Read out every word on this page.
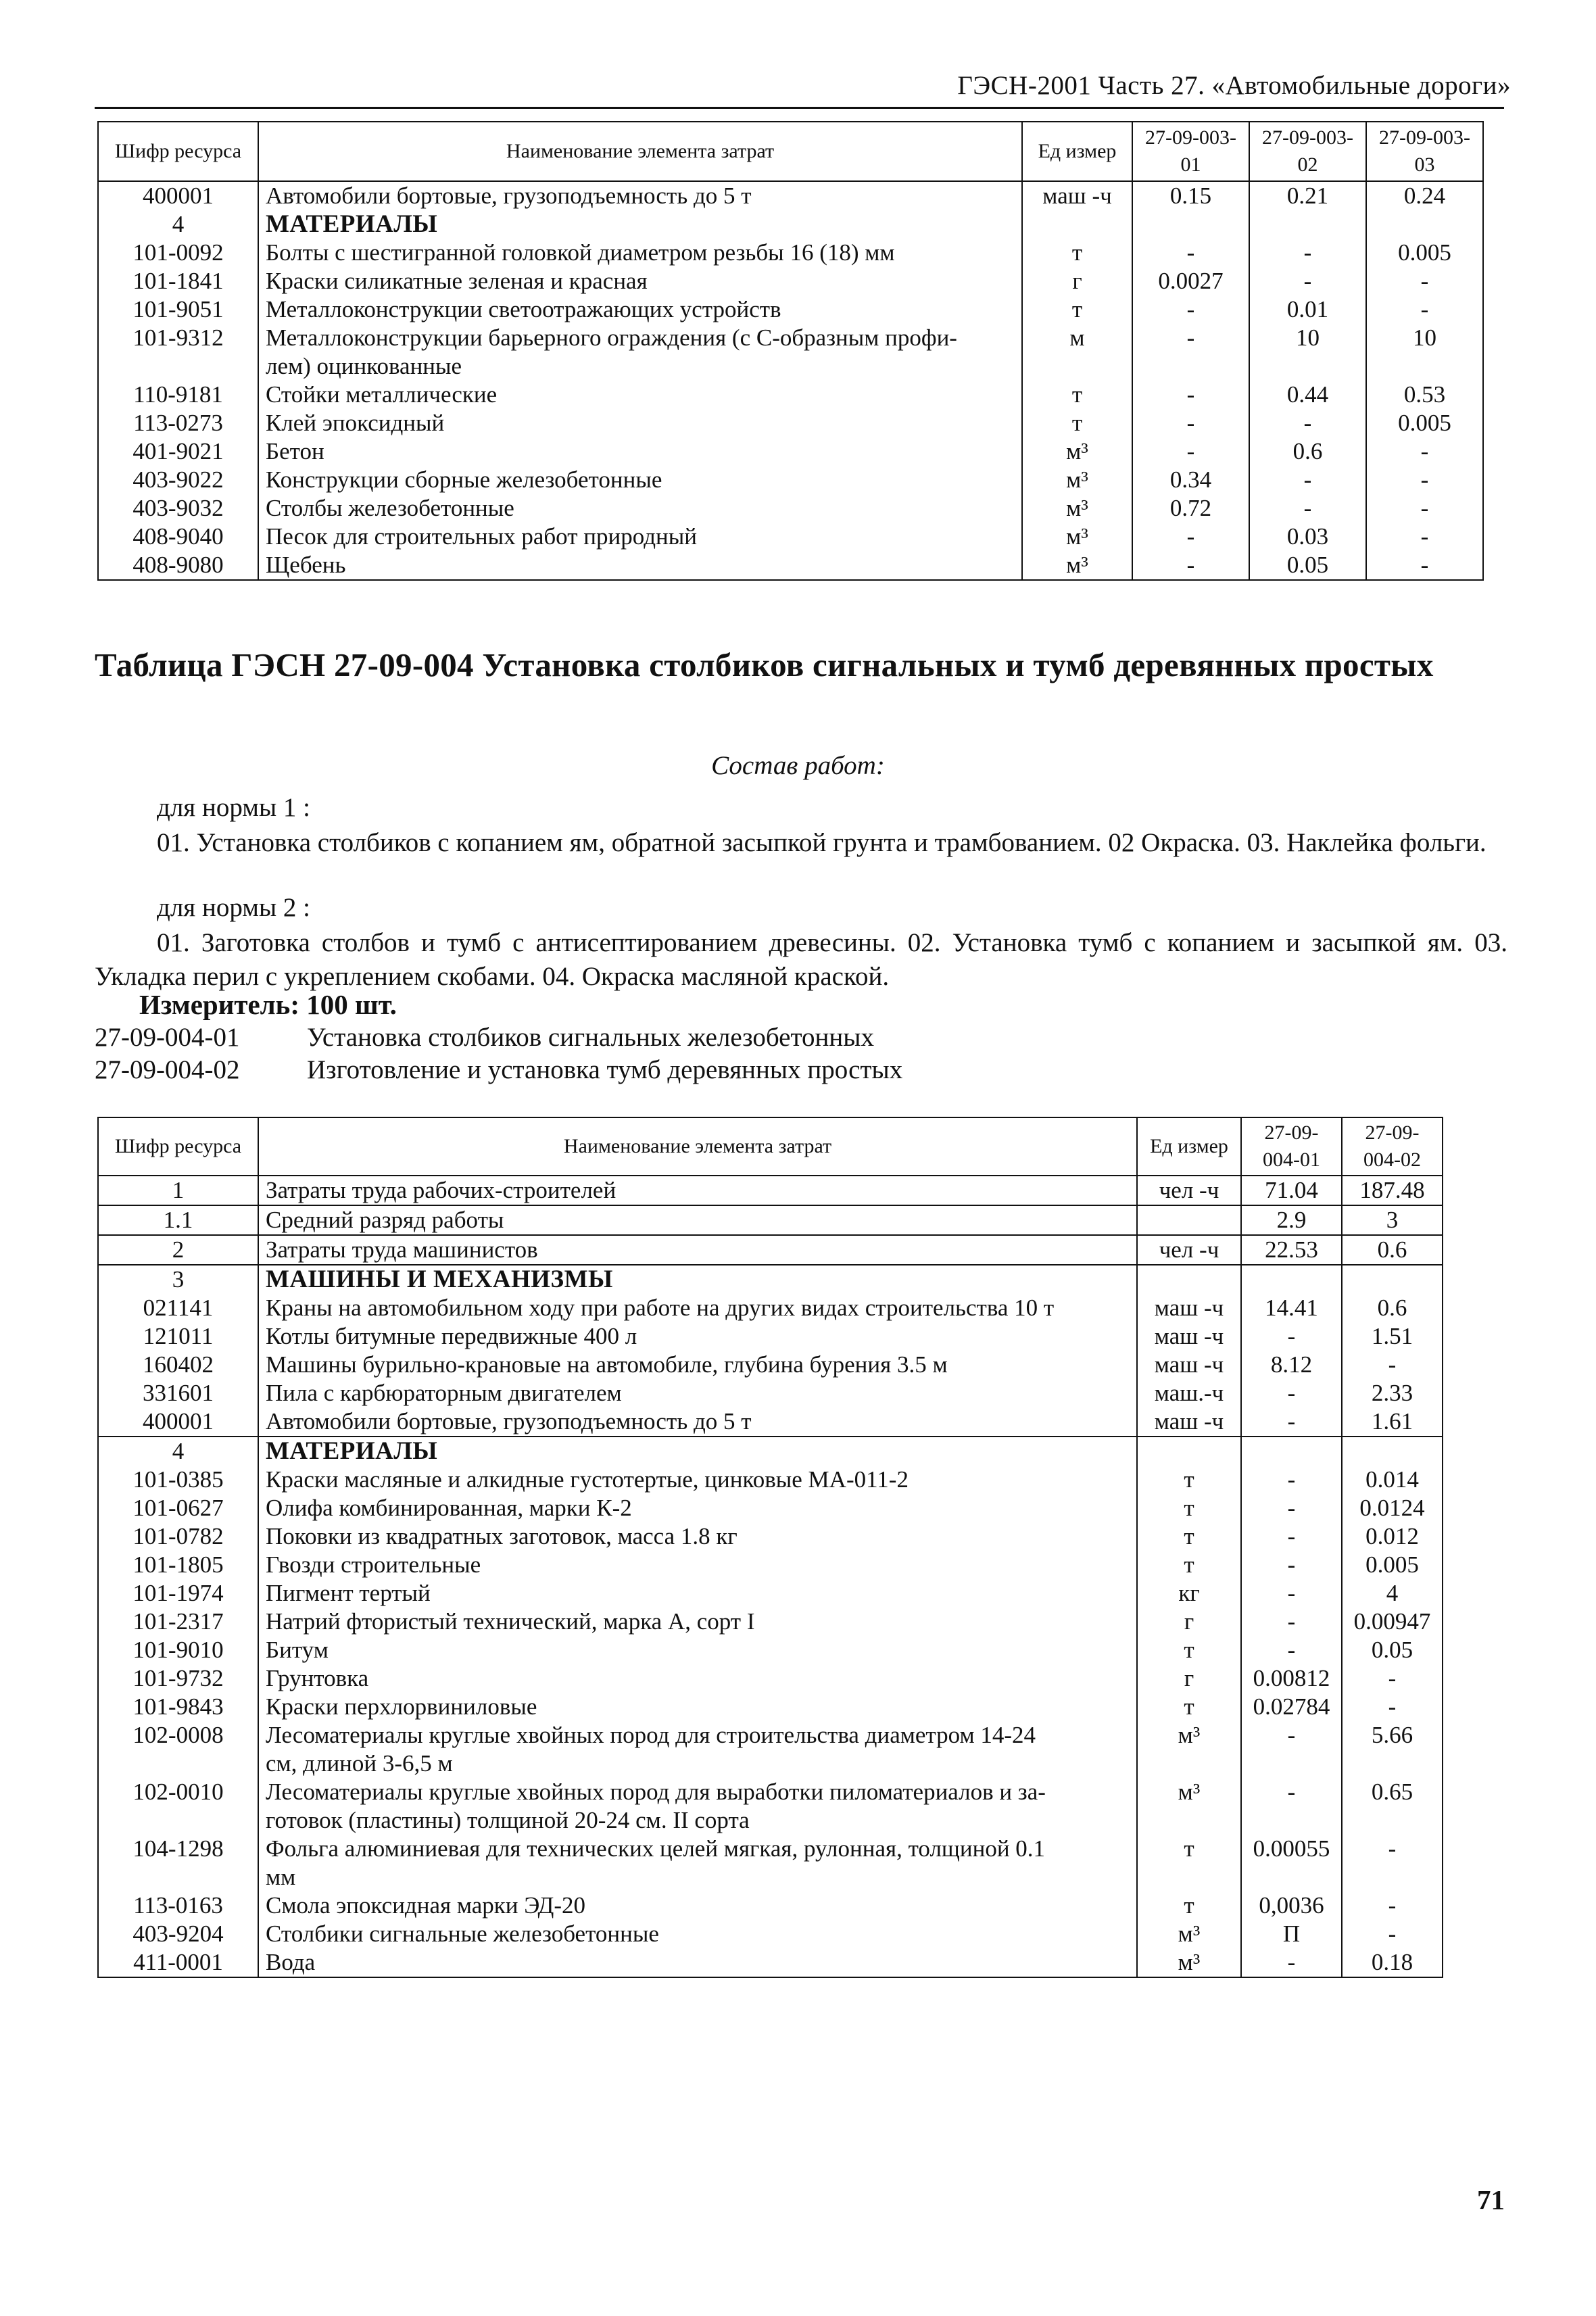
ГЭСН-2001 Часть 27. «Автомобильные дороги»
Шифр ресурса	Наименование элемента затрат	Ед измер	27-09-003-01	27-09-003-02	27-09-003-03
400001	Автомобили бортовые, грузоподъемность до 5 т	маш -ч	0.15	0.21	0.24
4	МАТЕРИАЛЫ				
101-0092	Болты с шестигранной головкой диаметром резьбы 16 (18) мм	т	-	-	0.005
101-1841	Краски силикатные зеленая и красная	г	0.0027	-	-
101-9051	Металлоконструкции светоотражающих устройств	т	-	0.01	-
101-9312	Металлоконструкции барьерного ограждения (с С-образным профи-
лем) оцинкованные	м	-	10	10
110-9181	Стойки металлические	т	-	0.44	0.53
113-0273	Клей эпоксидный	т	-	-	0.005
401-9021	Бетон	м³	-	0.6	-
403-9022	Конструкции сборные железобетонные	м³	0.34	-	-
403-9032	Столбы железобетонные	м³	0.72	-	-
408-9040	Песок для строительных работ природный	м³	-	0.03	-
408-9080	Щебень	м³	-	0.05	-
Таблица ГЭСН 27-09-004 Установка столбиков сигнальных и тумб деревянных простых
Состав работ:
для нормы 1 :
01. Установка столбиков с копанием ям, обратной засыпкой грунта и трамбованием. 02 Окраска. 03. Наклейка фольги.
для нормы 2 :
01. Заготовка столбов и тумб с антисептированием древесины. 02. Установка тумб с копанием и засыпкой ям. 03. Укладка перил с укреплением скобами. 04. Окраска масляной краской.
Измеритель: 100 шт.
27-09-004-01	Установка столбиков сигнальных железобетонных
27-09-004-02	Изготовление и установка тумб деревянных простых
Шифр ресурса	Наименование элемента затрат	Ед измер	27-09-004-01	27-09-004-02
1	Затраты труда рабочих-строителей	чел -ч	71.04	187.48
1.1	Средний разряд работы		2.9	3
2	Затраты труда машинистов	чел -ч	22.53	0.6
3	МАШИНЫ И МЕХАНИЗМЫ			
021141	Краны на автомобильном ходу при работе на других видах строительства 10 т	маш -ч	14.41	0.6
121011	Котлы битумные передвижные 400 л	маш -ч	-	1.51
160402	Машины бурильно-крановые на автомобиле, глубина бурения 3.5 м	маш -ч	8.12	-
331601	Пила с карбюраторным двигателем	маш.-ч	-	2.33
400001	Автомобили бортовые, грузоподъемность до 5 т	маш -ч	-	1.61
4	МАТЕРИАЛЫ			
101-0385	Краски масляные и алкидные густотертые, цинковые МА-011-2	т	-	0.014
101-0627	Олифа комбинированная, марки К-2	т	-	0.0124
101-0782	Поковки из квадратных заготовок, масса 1.8 кг	т	-	0.012
101-1805	Гвозди строительные	т	-	0.005
101-1974	Пигмент тертый	кг	-	4
101-2317	Натрий фтористый технический, марка А, сорт I	г	-	0.00947
101-9010	Битум	т	-	0.05
101-9732	Грунтовка	г	0.00812	-
101-9843	Краски перхлорвиниловые	т	0.02784	-
102-0008	Лесоматериалы круглые хвойных пород для строительства диаметром 14-24
см, длиной 3-6,5 м	м³	-	5.66
102-0010	Лесоматериалы круглые хвойных пород для выработки пиломатериалов и за-
готовок (пластины) толщиной 20-24 см. II сорта	м³	-	0.65
104-1298	Фольга алюминиевая для технических целей мягкая, рулонная, толщиной 0.1
мм	т	0.00055	-
113-0163	Смола эпоксидная марки ЭД-20	т	0,0036	-
403-9204	Столбики сигнальные железобетонные	м³	П	-
411-0001	Вода	м³	-	0.18
71
